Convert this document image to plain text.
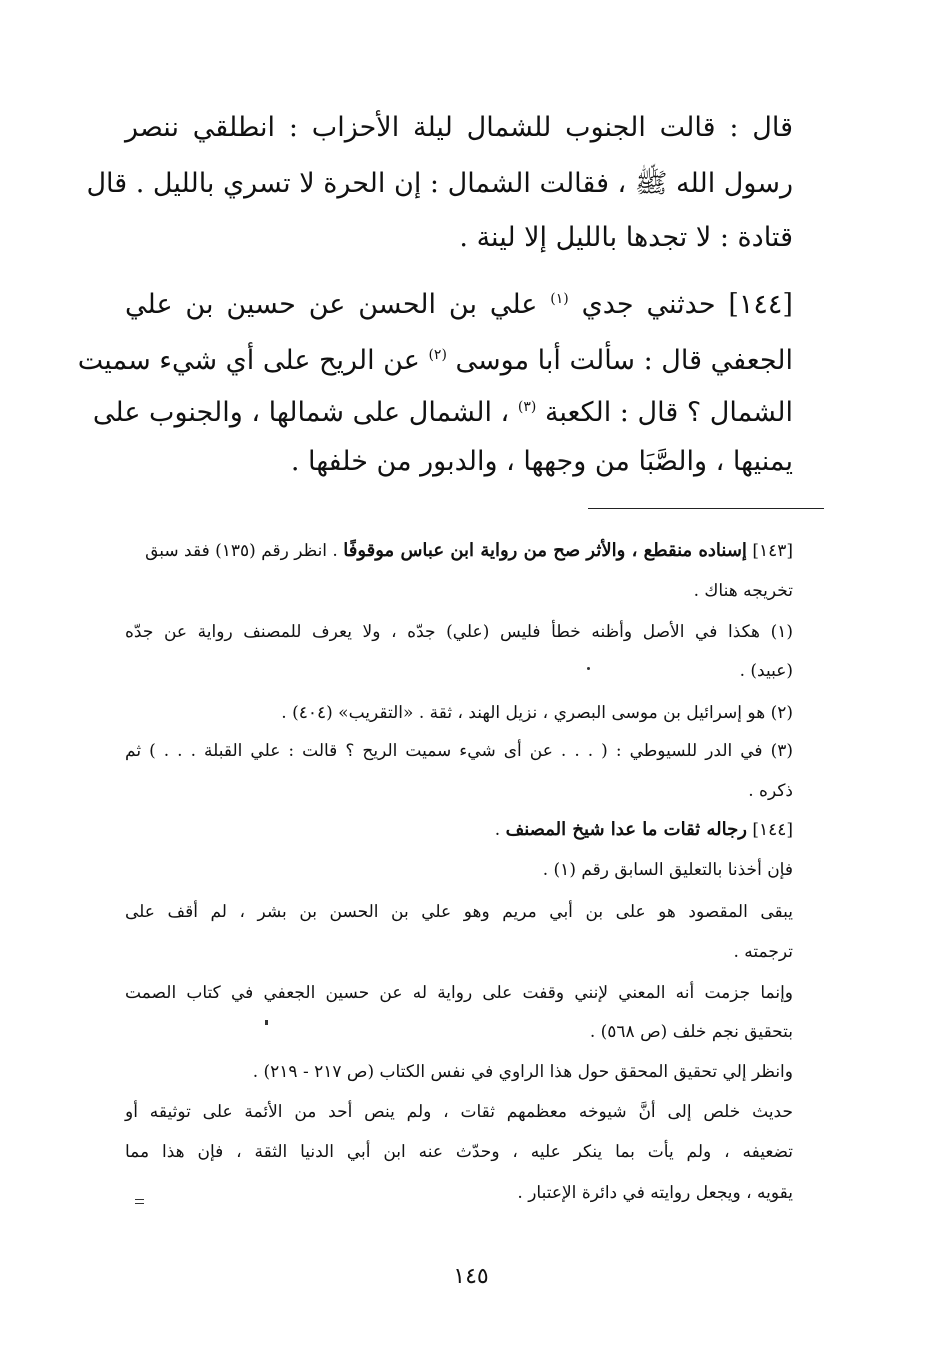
قال : قالت الجنوب للشمال ليلة الأحزاب : انطلقي ننصر
رسول الله ﷺ ، فقالت الشمال : إن الحرة لا تسري بالليل . قال
قتادة : لا تجدها بالليل إلا لينة .
[١٤٤] حدثني جدي $^{(١)}$ علي بن الحسن عن حسين بن علي
الجعفي قال : سألت أبا موسى $^{(٢)}$ عن الريح على أي شيء سميت
الشمال ؟ قال : الكعبة $^{(٣)}$ ، الشمال على شمالها ، والجنوب على
يمنيها ، والصَّبَا من وجهها ، والدبور من خلفها .
[١٤٣] إسناده منقطع ، والأثر صح من رواية ابن عباس موقوفًا . انظر رقم (١٣٥) فقد سبق
تخريجه هناك .
(١) هكذا في الأصل وأظنه خطأ فليس (علي) جدّه ، ولا يعرف للمصنف رواية عن جدّه
(عبيد) .
(٢) هو إسرائيل بن موسى البصري ، نزيل الهند ، ثقة . «التقريب» (٤٠٤) .
(٣) في الدر للسيوطي : ( . . . عن أى شيء سميت الريح ؟ قالت : علي القبلة . . . ) ثم
ذكره .
[١٤٤] رجاله ثقات ما عدا شيخ المصنف .
فإن أخذنا بالتعليق السابق رقم (١) .
يبقى المقصود هو على بن أبي مريم وهو علي بن الحسن بن بشر ، لم أقف على
ترجمته .
وإنما جزمت أنه المعني لإنني وقفت على رواية له عن حسين الجعفي في كتاب الصمت
بتحقيق نجم خلف (ص ٥٦٨) .
وانظر إلي تحقيق المحقق حول هذا الراوي في نفس الكتاب (ص ٢١٧ - ٢١٩) .
حديث خلص إلى أنَّ شيوخه معظمهم ثقات ، ولم ينص أحد من الأئمة على توثيقه أو
تضعيفه ، ولم يأت بما ينكر عليه ، وحدّث عنه ابن أبي الدنيا الثقة ، فإن هذا مما
يقويه ، ويجعل روايته في دائرة الإعتبار .
١٤٥
